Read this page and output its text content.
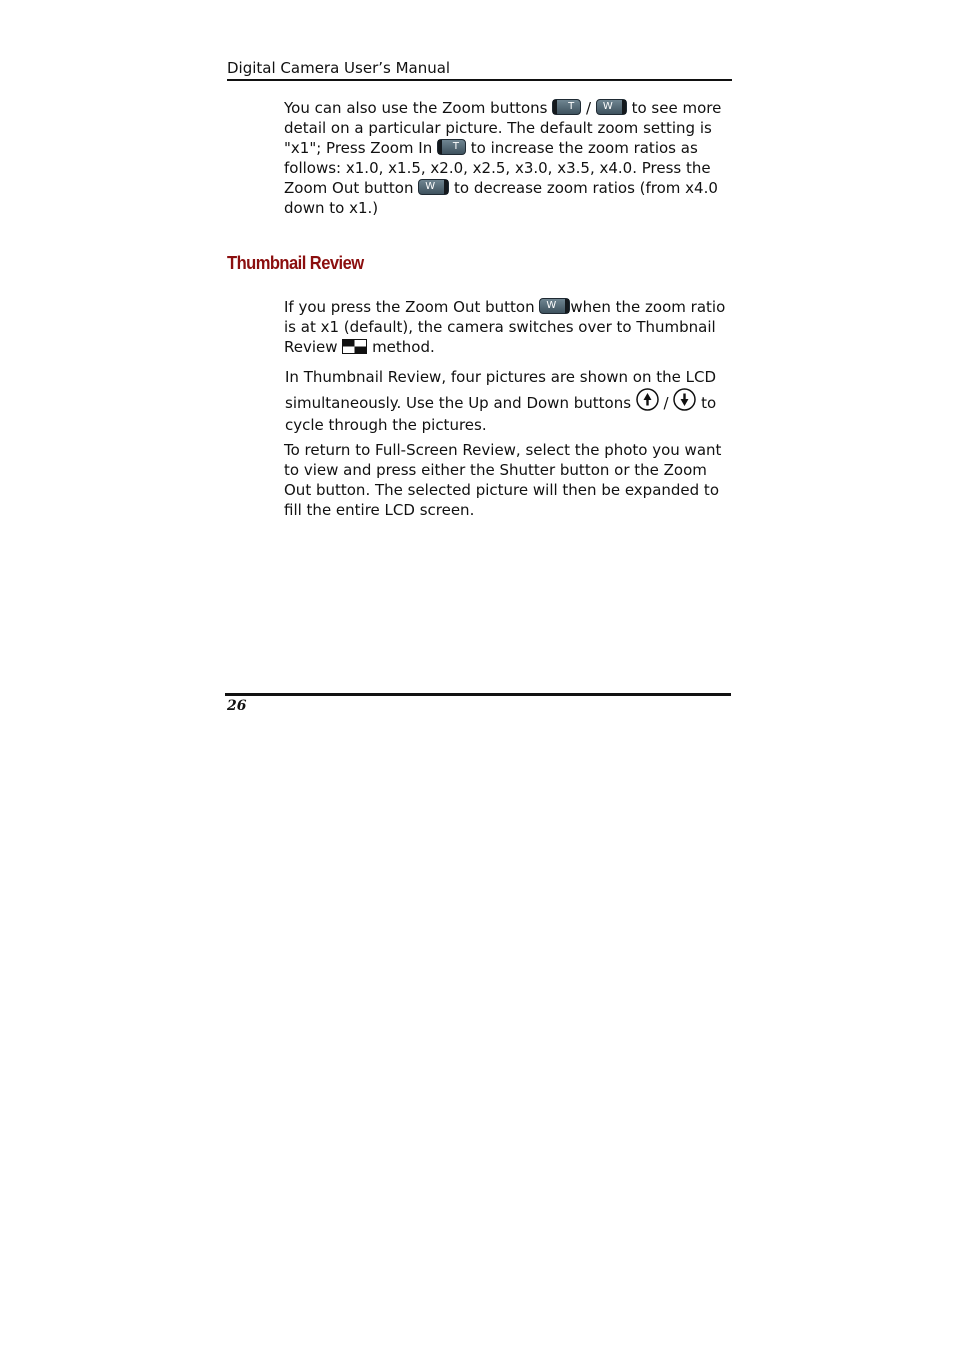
Digital Camera User’s Manual

You can also use the Zoom buttons T / W to see more detail on a particular picture. The default zoom setting is "x1"; Press Zoom In T to increase the zoom ratios as follows: x1.0, x1.5, x2.0, x2.5, x3.0, x3.5, x4.0. Press the Zoom Out button W to decrease zoom ratios (from x4.0 down to x1.)

Thumbnail Review

If you press the Zoom Out button W when the zoom ratio is at x1 (default), the camera switches over to Thumbnail Review  method.

In Thumbnail Review, four pictures are shown on the LCD simultaneously. Use the Up and Down buttons  /  to cycle through the pictures.

To return to Full-Screen Review, select the photo you want to view and press either the Shutter button or the Zoom Out button. The selected picture will then be expanded to fill the entire LCD screen.

26
